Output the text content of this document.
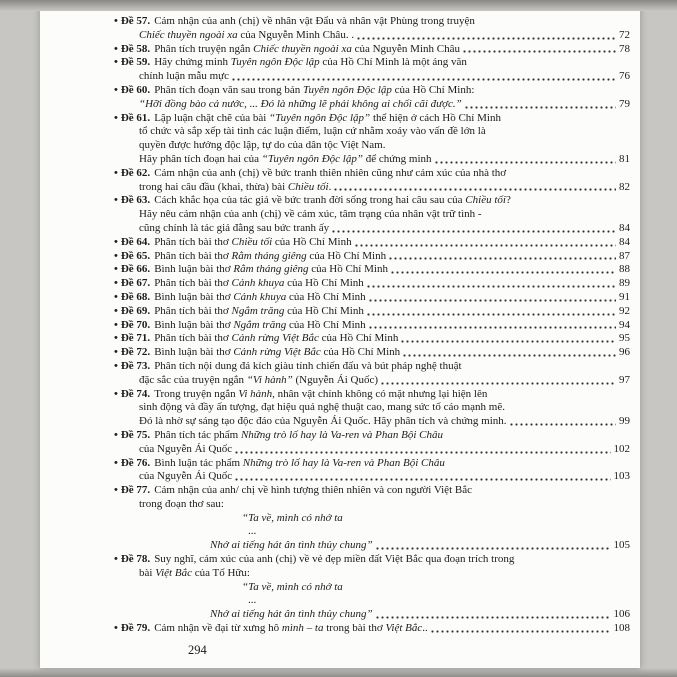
• Đề 57. Cảm nhận của anh (chị) về nhân vật Đẩu và nhân vật Phùng trong truyện
Chiếc thuyền ngoài xa của Nguyễn Minh Châu. .	72
• Đề 58. Phân tích truyện ngắn Chiếc thuyền ngoài xa của Nguyễn Minh Châu	78
• Đề 59. Hãy chứng minh Tuyên ngôn Độc lập của Hồ Chí Minh là một áng văn
chính luận mẫu mực	76
• Đề 60. Phân tích đoạn văn sau trong bản Tuyên ngôn Độc lập của Hồ Chí Minh:
“Hỡi đồng bào cả nước, ... Đó là những lẽ phải không ai chối cãi được.”	79
• Đề 61. Lập luận chặt chẽ của bài “Tuyên ngôn Độc lập” thể hiện ở cách Hồ Chí Minh
tổ chức và sắp xếp tài tình các luận điểm, luận cứ nhằm xoáy vào vấn đề lớn là
quyền được hưởng độc lập, tự do của dân tộc Việt Nam.
Hãy phân tích đoạn hai của “Tuyên ngôn Độc lập” để chứng minh	81
• Đề 62. Cảm nhận của anh (chị) về bức tranh thiên nhiên cũng như cảm xúc của nhà thơ
trong hai câu đầu (khai, thừa) bài Chiều tối.	82
• Đề 63. Cách khắc họa của tác giả về bức tranh đời sống trong hai câu sau của Chiều tối?
Hãy nêu cảm nhận của anh (chị) về cảm xúc, tâm trạng của nhân vật trữ tình -
cũng chính là tác giả đằng sau bức tranh ấy	84
• Đề 64. Phân tích bài thơ Chiều tối của Hồ Chí Minh	84
• Đề 65. Phân tích bài thơ Rằm tháng giêng của Hồ Chí Minh	87
• Đề 66. Bình luận bài thơ Rằm tháng giêng của Hồ Chí Minh	88
• Đề 67. Phân tích bài thơ Cảnh khuya của Hồ Chí Minh	89
• Đề 68. Bình luận bài thơ Cảnh khuya của Hồ Chí Minh	91
• Đề 69. Phân tích bài thơ Ngắm trăng của Hồ Chí Minh	92
• Đề 70. Bình luận bài thơ Ngắm trăng của Hồ Chí Minh	94
• Đề 71. Phân tích bài thơ Cảnh rừng Việt Bắc của Hồ Chí Minh	95
• Đề 72. Bình luận bài thơ Cảnh rừng Việt Bắc của Hồ Chí Minh	96
• Đề 73. Phân tích nội dung đả kích giàu tính chiến đấu và bút pháp nghệ thuật
đặc sắc của truyện ngắn “Vi hành” (Nguyễn Ái Quốc)	97
• Đề 74. Trong truyện ngắn Vi hành, nhân vật chính không có mặt nhưng lại hiện lên
sinh động và đầy ấn tượng, đạt hiệu quả nghệ thuật cao, mang sức tố cáo mạnh mẽ.
Đó là nhờ sự sáng tạo độc đáo của Nguyễn Ái Quốc. Hãy phân tích và chứng minh.	99
• Đề 75. Phân tích tác phẩm Những trò lố hay là Va-ren và Phan Bội Châu
của Nguyễn Ái Quốc	102
• Đề 76. Bình luận tác phẩm Những trò lố hay là Va-ren và Phan Bội Châu
của Nguyễn Ái Quốc	103
• Đề 77. Cảm nhận của anh/ chị về hình tượng thiên nhiên và con người Việt Bắc
trong đoạn thơ sau:
“Ta về, mình có nhớ ta
...
Nhớ ai tiếng hát ân tình thủy chung”	105
• Đề 78. Suy nghĩ, cảm xúc của anh (chị) về vẻ đẹp miền đất Việt Bắc qua đoạn trích trong
bài Việt Bắc của Tố Hữu:
“Ta về, mình có nhớ ta
...
Nhớ ai tiếng hát ân tình thủy chung”	106
• Đề 79. Cảm nhận về đại từ xưng hô mình – ta trong bài thơ Việt Bắc..	108
294
